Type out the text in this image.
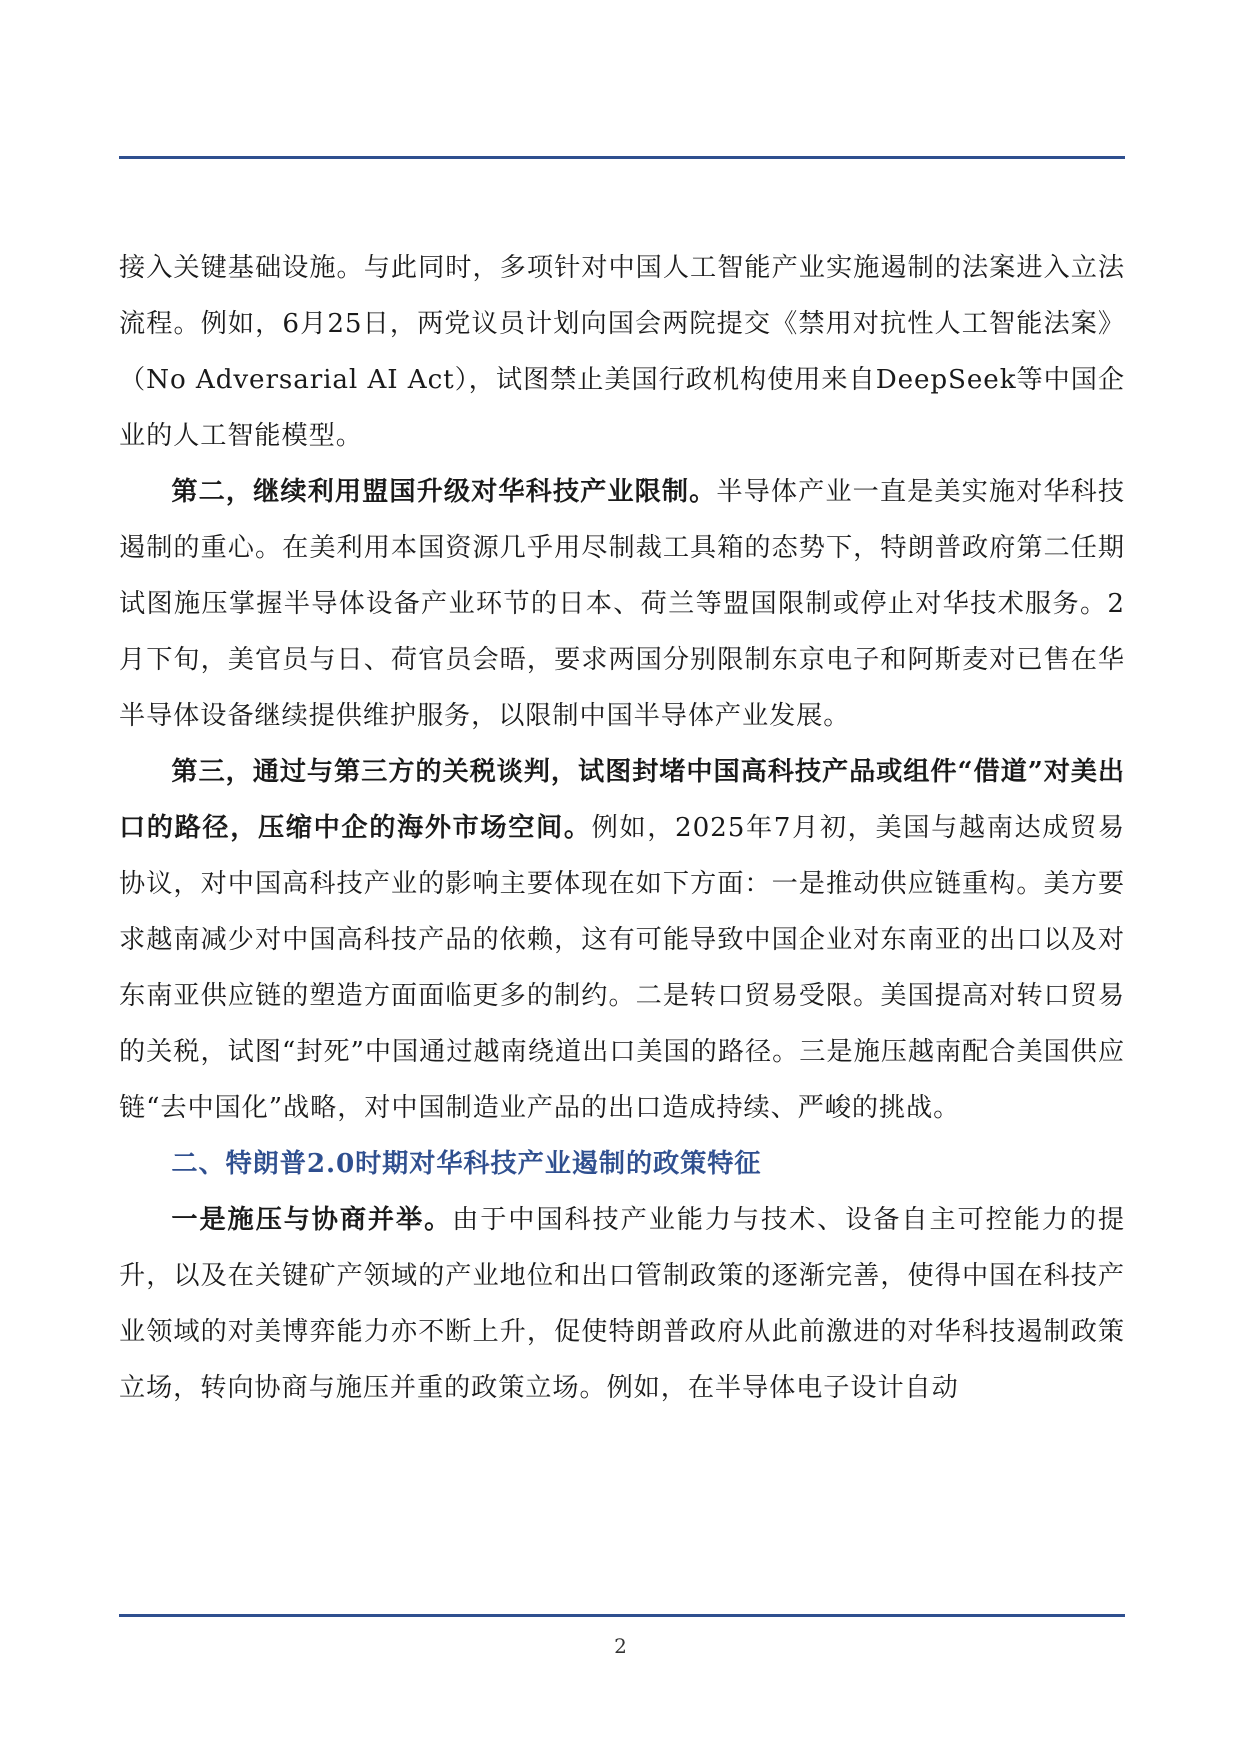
接入关键基础设施。与此同时，多项针对中国人工智能产业实施遏制的法案进入立法流程。例如，6月25日，两党议员计划向国会两院提交《禁用对抗性人工智能法案》（No Adversarial AI Act），试图禁止美国行政机构使用来自DeepSeek等中国企业的人工智能模型。

第二，继续利用盟国升级对华科技产业限制。半导体产业一直是美实施对华科技遏制的重心。在美利用本国资源几乎用尽制裁工具箱的态势下，特朗普政府第二任期试图施压掌握半导体设备产业环节的日本、荷兰等盟国限制或停止对华技术服务。2月下旬，美官员与日、荷官员会晤，要求两国分别限制东京电子和阿斯麦对已售在华半导体设备继续提供维护服务，以限制中国半导体产业发展。

第三，通过与第三方的关税谈判，试图封堵中国高科技产品或组件“借道”对美出口的路径，压缩中企的海外市场空间。例如，2025年7月初，美国与越南达成贸易协议，对中国高科技产业的影响主要体现在如下方面：一是推动供应链重构。美方要求越南减少对中国高科技产品的依赖，这有可能导致中国企业对东南亚的出口以及对东南亚供应链的塑造方面面临更多的制约。二是转口贸易受限。美国提高对转口贸易的关税，试图“封死”中国通过越南绕道出口美国的路径。三是施压越南配合美国供应链“去中国化”战略，对中国制造业产品的出口造成持续、严峻的挑战。

二、特朗普2.0时期对华科技产业遏制的政策特征

一是施压与协商并举。由于中国科技产业能力与技术、设备自主可控能力的提升，以及在关键矿产领域的产业地位和出口管制政策的逐渐完善，使得中国在科技产业领域的对美博弈能力亦不断上升，促使特朗普政府从此前激进的对华科技遏制政策立场，转向协商与施压并重的政策立场。例如，在半导体电子设计自动

2
